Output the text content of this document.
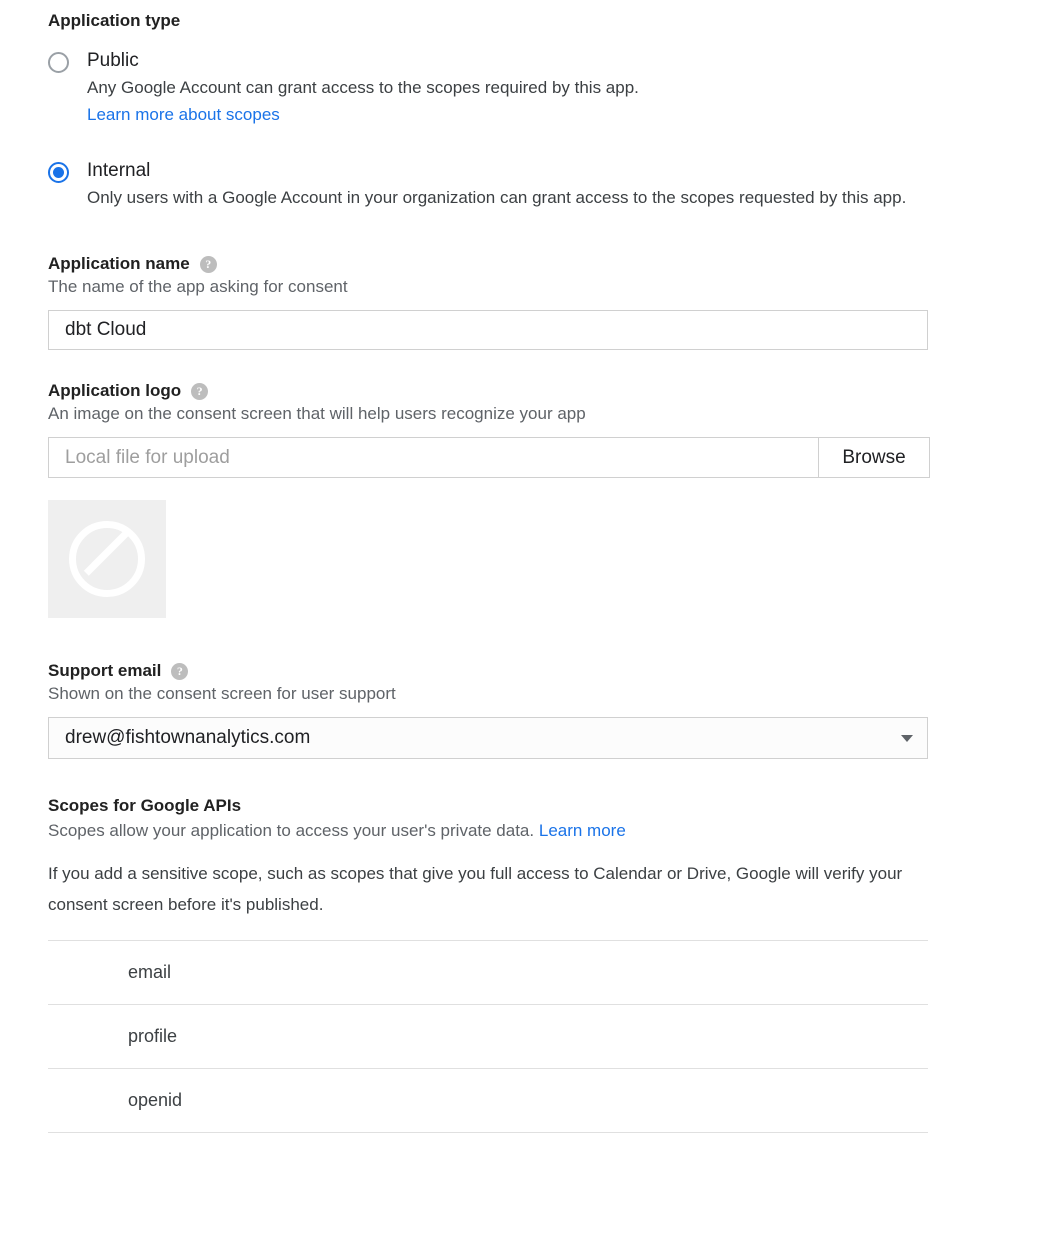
Application type
Public
Any Google Account can grant access to the scopes required by this app.
Learn more about scopes
Internal
Only users with a Google Account in your organization can grant access to the scopes requested by this app.
Application name	?
The name of the app asking for consent
dbt Cloud
Application logo	?
An image on the consent screen that will help users recognize your app
Local file for upload	Browse
Support email	?
Shown on the consent screen for user support
drew@fishtownanalytics.com
Scopes for Google APIs
Scopes allow your application to access your user's private data. Learn more
If you add a sensitive scope, such as scopes that give you full access to Calendar or Drive, Google will verify your consent screen before it's published.
email
profile
openid
